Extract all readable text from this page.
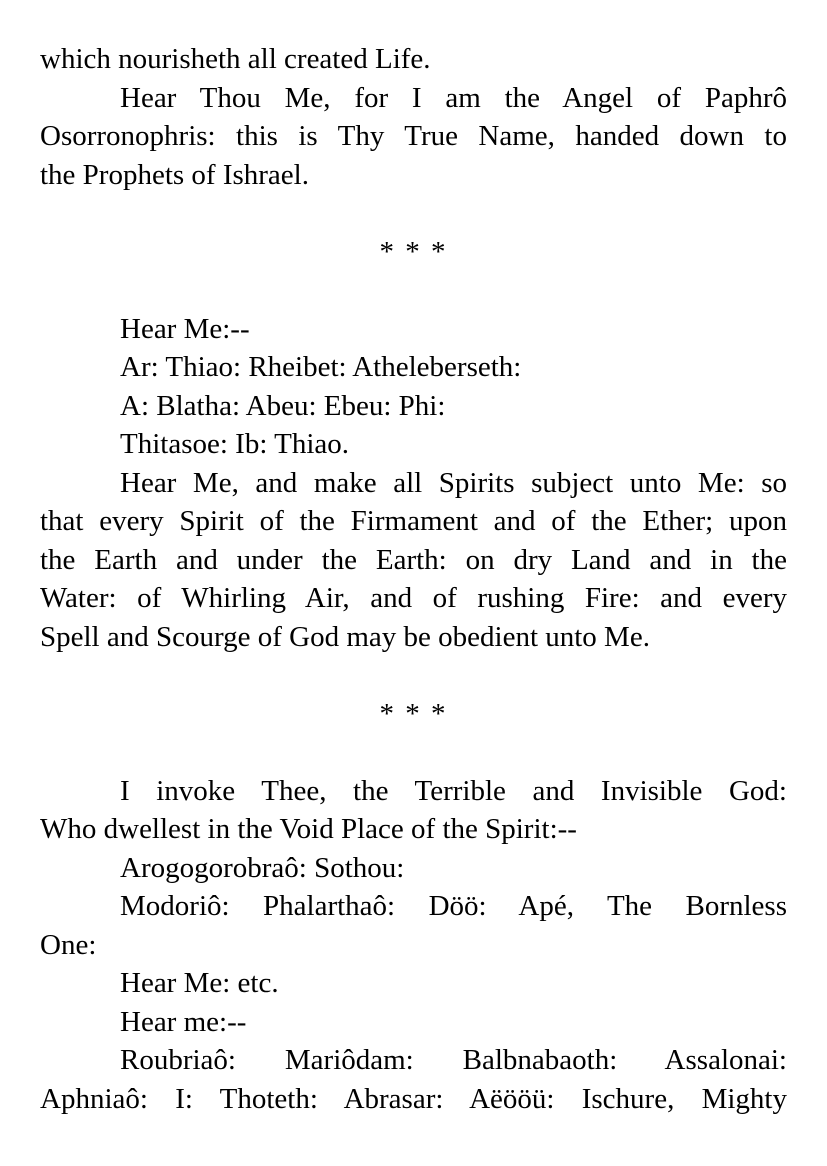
which nourisheth all created Life.
Hear Thou Me, for I am the Angel of Paphrô
Osorronophris: this is Thy True Name, handed down to
the Prophets of Ishrael.
* * *
Hear Me:--
Ar: Thiao: Rheibet: Atheleberseth:
A: Blatha: Abeu: Ebeu: Phi:
Thitasoe: Ib: Thiao.
Hear Me, and make all Spirits subject unto Me: so
that every Spirit of the Firmament and of the Ether; upon
the Earth and under the Earth: on dry Land and in the
Water: of Whirling Air, and of rushing Fire: and every
Spell and Scourge of God may be obedient unto Me.
* * *
I invoke Thee, the Terrible and Invisible God:
Who dwellest in the Void Place of the Spirit:--
Arogogorobraô: Sothou:
Modoriô: Phalarthaô: Döö: Apé, The Bornless
One:
Hear Me: etc.
Hear me:--
Roubriaô: Mariôdam: Balbnabaoth: Assalonai:
Aphniaô: I: Thoteth: Abrasar: Aëööü: Ischure, Mighty
